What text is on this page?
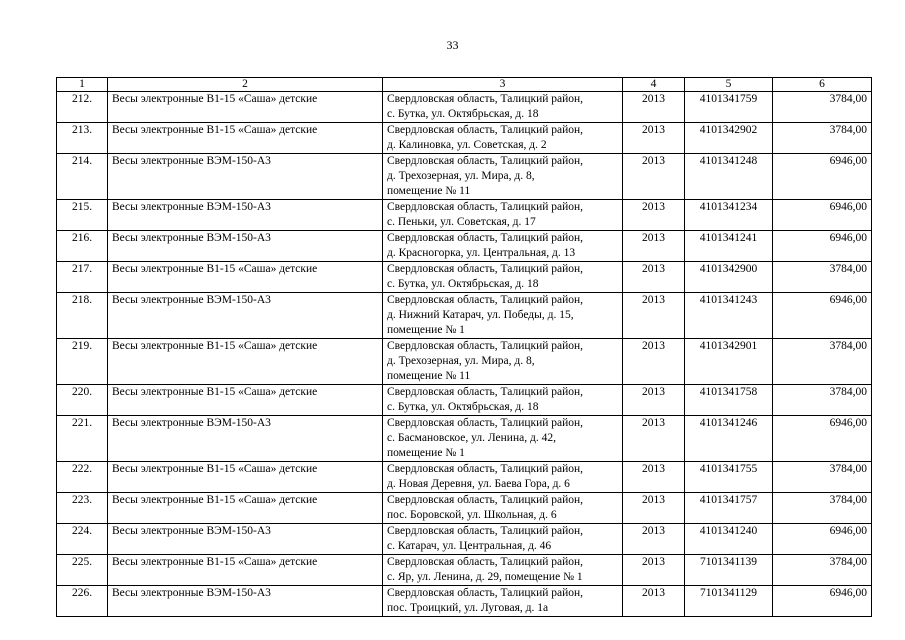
33
1	2	3	4	5	6
212.	Весы электронные В1-15 «Саша» детские	Свердловская область, Талицкий район,
с. Бутка, ул. Октябрьская, д. 18	2013	4101341759	3784,00
213.	Весы электронные В1-15 «Саша» детские	Свердловская область, Талицкий район,
д. Калиновка, ул. Советская, д. 2	2013	4101342902	3784,00
214.	Весы электронные ВЭМ-150-А3	Свердловская область, Талицкий район,
д. Трехозерная, ул. Мира, д. 8,
помещение № 11	2013	4101341248	6946,00
215.	Весы электронные ВЭМ-150-А3	Свердловская область, Талицкий район,
с. Пеньки, ул. Советская, д. 17	2013	4101341234	6946,00
216.	Весы электронные ВЭМ-150-А3	Свердловская область, Талицкий район,
д. Красногорка, ул. Центральная, д. 13	2013	4101341241	6946,00
217.	Весы электронные В1-15 «Саша» детские	Свердловская область, Талицкий район,
с. Бутка, ул. Октябрьская, д. 18	2013	4101342900	3784,00
218.	Весы электронные ВЭМ-150-А3	Свердловская область, Талицкий район,
д. Нижний Катарач, ул. Победы, д. 15,
помещение № 1	2013	4101341243	6946,00
219.	Весы электронные В1-15 «Саша» детские	Свердловская область, Талицкий район,
д. Трехозерная, ул. Мира, д. 8,
помещение № 11	2013	4101342901	3784,00
220.	Весы электронные В1-15 «Саша» детские	Свердловская область, Талицкий район,
с. Бутка, ул. Октябрьская, д. 18	2013	4101341758	3784,00
221.	Весы электронные ВЭМ-150-А3	Свердловская область, Талицкий район,
с. Басмановское, ул. Ленина, д. 42,
помещение № 1	2013	4101341246	6946,00
222.	Весы электронные В1-15 «Саша» детские	Свердловская область, Талицкий район,
д. Новая Деревня, ул. Баева Гора, д. 6	2013	4101341755	3784,00
223.	Весы электронные В1-15 «Саша» детские	Свердловская область, Талицкий район,
пос. Боровской, ул. Школьная, д. 6	2013	4101341757	3784,00
224.	Весы электронные ВЭМ-150-А3	Свердловская область, Талицкий район,
с. Катарач, ул. Центральная, д. 46	2013	4101341240	6946,00
225.	Весы электронные В1-15 «Саша» детские	Свердловская область, Талицкий район,
с. Яр, ул. Ленина, д. 29, помещение № 1	2013	7101341139	3784,00
226.	Весы электронные ВЭМ-150-А3	Свердловская область, Талицкий район,
пос. Троицкий, ул. Луговая, д. 1а	2013	7101341129	6946,00
